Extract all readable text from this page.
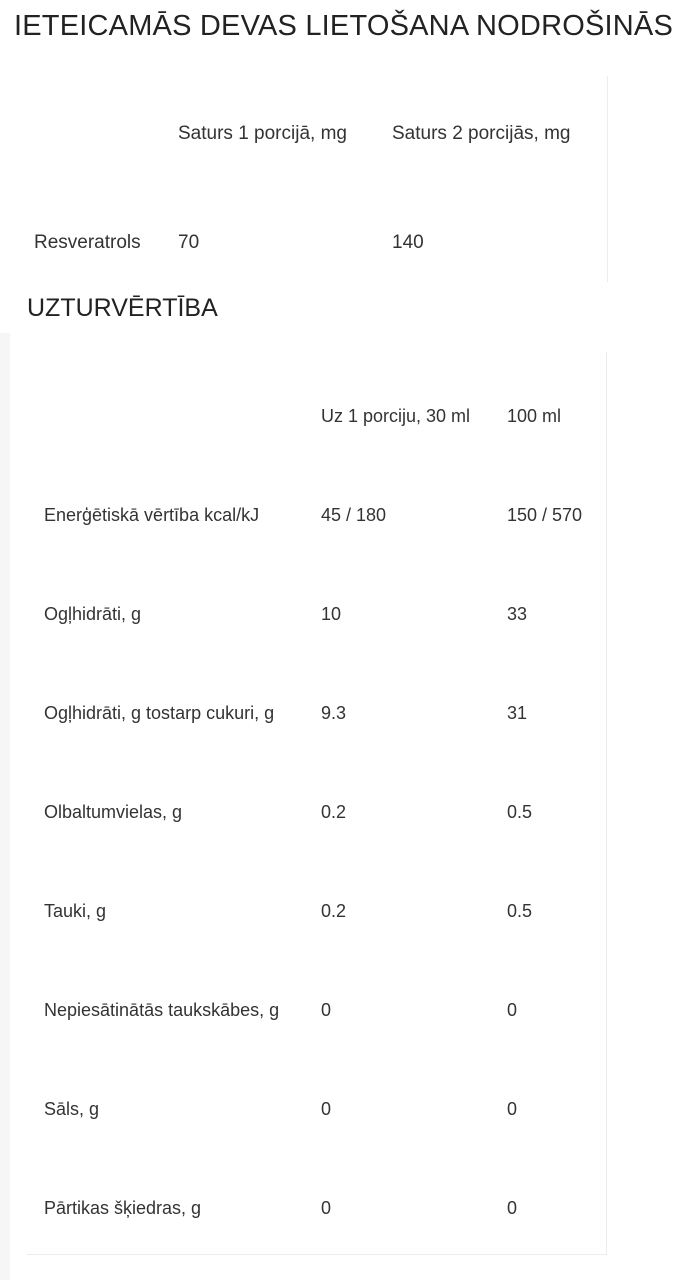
IETEICAMĀS DEVAS LIETOŠANA NODROŠINĀS
Saturs 1 porcijā, mg Saturs 2 porcijās, mg
Resveratrols 70	140
UZTURVĒRTĪBA
Uz 1 porciju, 30 ml 100 ml
Enerģētiskā vērtība kcal/kJ	45 / 180	150 / 570
Ogļhidrāti, g	10	33
Ogļhidrāti, g tostarp cukuri, g	9.3	31
Olbaltumvielas, g	0.2	0.5
Tauki, g	0.2	0.5
Nepiesātinātās taukskābes, g 0	0
Sāls, g	0	0
Pārtikas šķiedras, g	0	0
